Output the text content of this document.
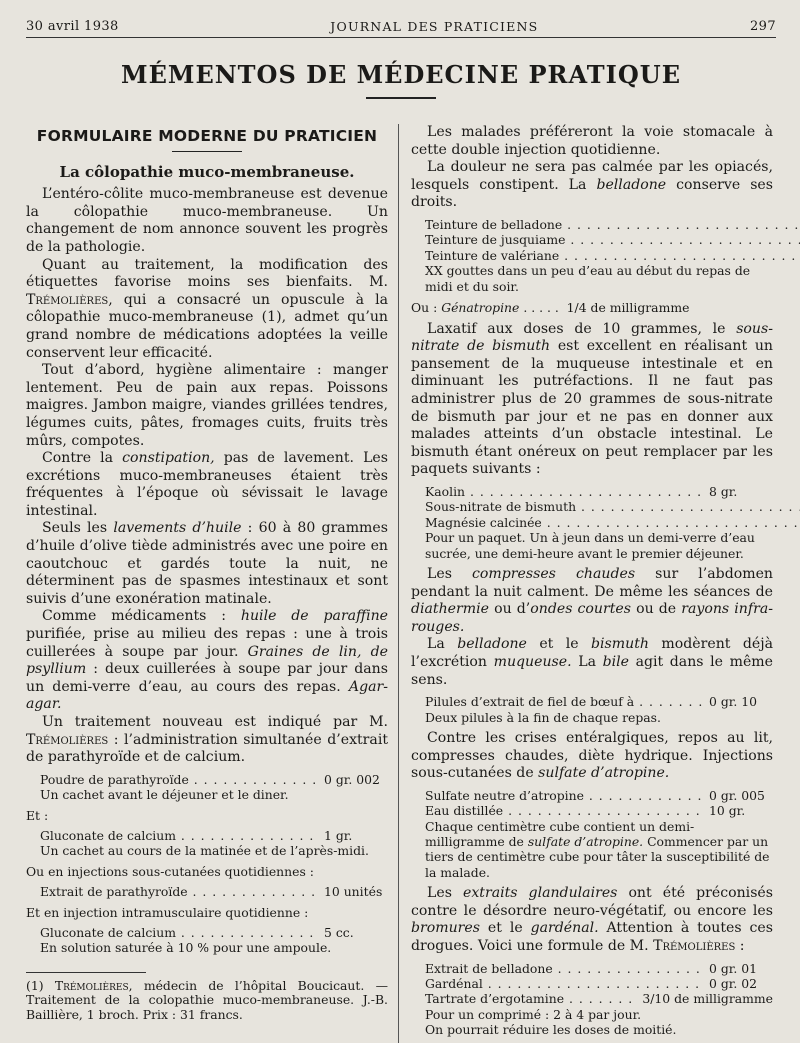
30 avril 1938	JOURNAL DES PRATICIENS	297
MÉMENTOS DE MÉDECINE PRATIQUE
FORMULAIRE MODERNE DU PRATICIEN
La côlopathie muco-membraneuse.

L’entéro-côlite muco-membraneuse est devenue la côlopathie muco-membraneuse. Un changement de nom annonce souvent les progrès de la pathologie.

Quant au traitement, la modification des étiquettes favorise moins ses bienfaits. M. Trémolières, qui a consacré un opuscule à la côlopathie muco-membraneuse (1), admet qu’un grand nombre de médications adoptées la veille conservent leur efficacité.

Tout d’abord, hygiène alimentaire : manger lentement. Peu de pain aux repas. Poissons maigres. Jambon maigre, viandes grillées tendres, légumes cuits, pâtes, fromages cuits, fruits très mûrs, compotes.

Contre la constipation, pas de lavement. Les excrétions muco-membraneuses étaient très fréquentes à l’époque où sévissait le lavage intestinal.

Seuls les lavements d’huile : 60 à 80 grammes d’huile d’olive tiède administrés avec une poire en caoutchouc et gardés toute la nuit, ne déterminent pas de spasmes intestinaux et sont suivis d’une exonération matinale.

Comme médicaments : huile de paraffine purifiée, prise au milieu des repas : une à trois cuillerées à soupe par jour. Graines de lin, de psyllium : deux cuillerées à soupe par jour dans un demi-verre d’eau, au cours des repas. Agar-agar.

Un traitement nouveau est indiqué par M. Trémolières : l’administration simultanée d’extrait de parathyroïde et de calcium.

Poudre de parathyroïde . . .	0 gr. 002
Un cachet avant le déjeuner et le diner.
Et :
Gluconate de calcium . . .	1 gr.
Un cachet au cours de la matinée et de l’après-midi.
Ou en injections sous-cutanées quotidiennes :
Extrait de parathyroïde . . .	10 unités
Et en injection intramusculaire quotidienne :
Gluconate de calcium . . .	5 cc.
En solution saturée à 10 % pour une ampoule.
(1) Trémolières, médecin de l’hôpital Boucicaut. — Traitement de la colopathie muco-membraneuse. J.-B. Baillière, 1 broch. Prix : 31 francs.

Les malades préféreront la voie stomacale à cette double injection quotidienne.

La douleur ne sera pas calmée par les opiacés, lesquels constipent. La belladone conserve ses droits.

Teinture de belladone . . .
Teinture de jusquiame . . .
Teinture de valériane . . .
XX gouttes dans un peu d’eau au début du repas de midi et du soir.
Ou : Génatropine . . . . .  1/4 de milligramme

Laxatif aux doses de 10 grammes, le sous-nitrate de bismuth est excellent en réalisant un pansement de la muqueuse intestinale et en diminuant les putréfactions. Il ne faut pas administrer plus de 20 grammes de sous-nitrate de bismuth par jour et ne pas en donner aux malades atteints d’un obstacle intestinal. Le bismuth étant onéreux on peut remplacer par les paquets suivants :

Kaolin . . .	8 gr.
Sous-nitrate de bismuth . . .
Magnésie calcinée . . .
Pour un paquet. Un à jeun dans un demi-verre d’eau sucrée, une demi-heure avant le premier déjeuner.

Les compresses chaudes sur l’abdomen pendant la nuit calment. De même les séances de diathermie ou d’ondes courtes ou de rayons infra-rouges.

La belladone et le bismuth modèrent déjà l’excrétion muqueuse. La bile agit dans le même sens.

Pilules d’extrait de fiel de bœuf à . . .	0 gr. 10
Deux pilules à la fin de chaque repas.

Contre les crises entéralgiques, repos au lit, compresses chaudes, diète hydrique. Injections sous-cutanées de sulfate d’atropine.

Sulfate neutre d’atropine . . .	0 gr. 005
Eau distillée . . .	10 gr.
Chaque centimètre cube contient un demi-milligramme de sulfate d’atropine. Commencer par un tiers de centimètre cube pour tâter la susceptibilité de la malade.

Les extraits glandulaires ont été préconisés contre le désordre neuro-végétatif, ou encore les bromures et le gardénal. Attention à toutes ces drogues. Voici une formule de M. Trémolières :

Extrait de belladone . . .	0 gr. 01
Gardénal . . .	0 gr. 02
Tartrate d’ergotamine . . .	3/10 de milligramme
Pour un comprimé : 2 à 4 par jour.
On pourrait réduire les doses de moitié.
